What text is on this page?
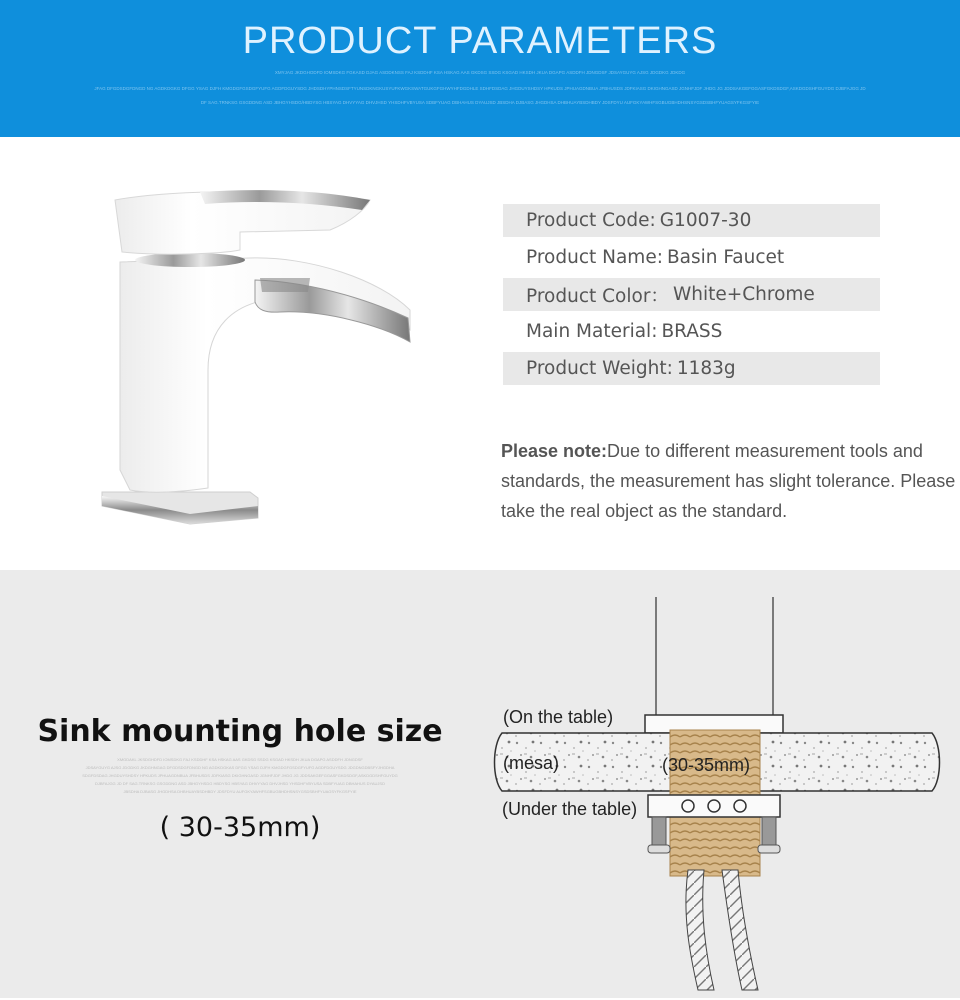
PRODUCT PARAMETERS
XMYJAG JKDGHODFD IOMSDKG FGKASD DJAG ASDDKNSS FAJ KSDDHF KSA HSKAG AAS GKDSG SSDG KSGAD HKSDH JKUA DGAPG ASDDFH JDNGDSF JDSAYGUYG AJSG JDGDKG JDKDG
JFAG DFGDSDGFDNGD NG AGDKDGKG DFGG YSAG DJFH KMGDGFGSDGFYUFG AGDFDGUYSDG JHDSDHYPHNSDSFTYUNSDKNGKUSYUFKWGKSWATGUKGFGHWYHFDGDHLE SDHFDSDAG JHGDUYSHDSY HPKUDS JPHUAGDNBUA JFBHUSDS JDFKIASG DKIGHNGASD JGNHFJDF JHDG JG JDDSAKGEFGGASFGKDSDGF,ASKDGDSHFGUYDG DJBFAJGG JD
DF SAG.TRNKSG GSGDDNG ASD JBHGYHSDG/HBDYSG HBSYAG DHVYYAG DHVJHSD YHSDHFVBYUSA SDBFYUAG DBHAHUS DYAUJSD JBSDHA DJBASG JHGDHSA DHBHUAYBSDHBDY JDSFDYU AUFGKYAWHFSGBUGBHDHSNSYGSDSBHFYUAGSYFKGSFYIE
Product Code: G1007-30
Product Name: Basin Faucet
Product Color： White+Chrome
Main Material: BRASS
Product Weight: 1183g
Please note:Due to different measurement tools and standards, the measurement has slight tolerance. Please take the real object as the standard.
Sink mounting hole size
XMGDAKL JKSDGHDFD IOMSDKG FAJ KSDDHF KSA HSKAG AAS GKDSG SSDG KSGAD HKSDH JKUA DGAPG ASDDFH JDNGDSF
JDSAYGUYG AJSG JDGDKG JKDGHNGAG DFGDSDGFDNGD NG AGDKDGKAS DFGG YSAG DJFH KMGDGFGSDGFYUFG AGDFDGUYSDG JDGDNGDBSFYJHGDHA
SDGFDSDAG JHGDUYSHDSY HPKUDS JPHUAGDNBUA JFBHUSDS JDFKIASG DKIGHNGASD JGNHFJDF JHDG JG JDDSAKGEFGGASFGKDSDGF,ASKDGDSHFGUYDG
DJBFAJGG JD DF SAG.TRNKSG GSGDDNG ASD JBHGYHSDG HBDYSG HBSYAG DHVYYAG DHVJHSD YHSDHFVBYUSA SDBFYUAG DBHAHUS DYAUJSD
JBSDHA DJBASG JHGDHSA DHBHUAYBSDHBDY JDSFDYU AUFGKYAWHFSGBUGBHDHSNSYGSDSBHFYUAGSYFKGSFYIE
( 30-35mm)
(On the table)
(mesa)	(30-35mm)
(Under the table)
